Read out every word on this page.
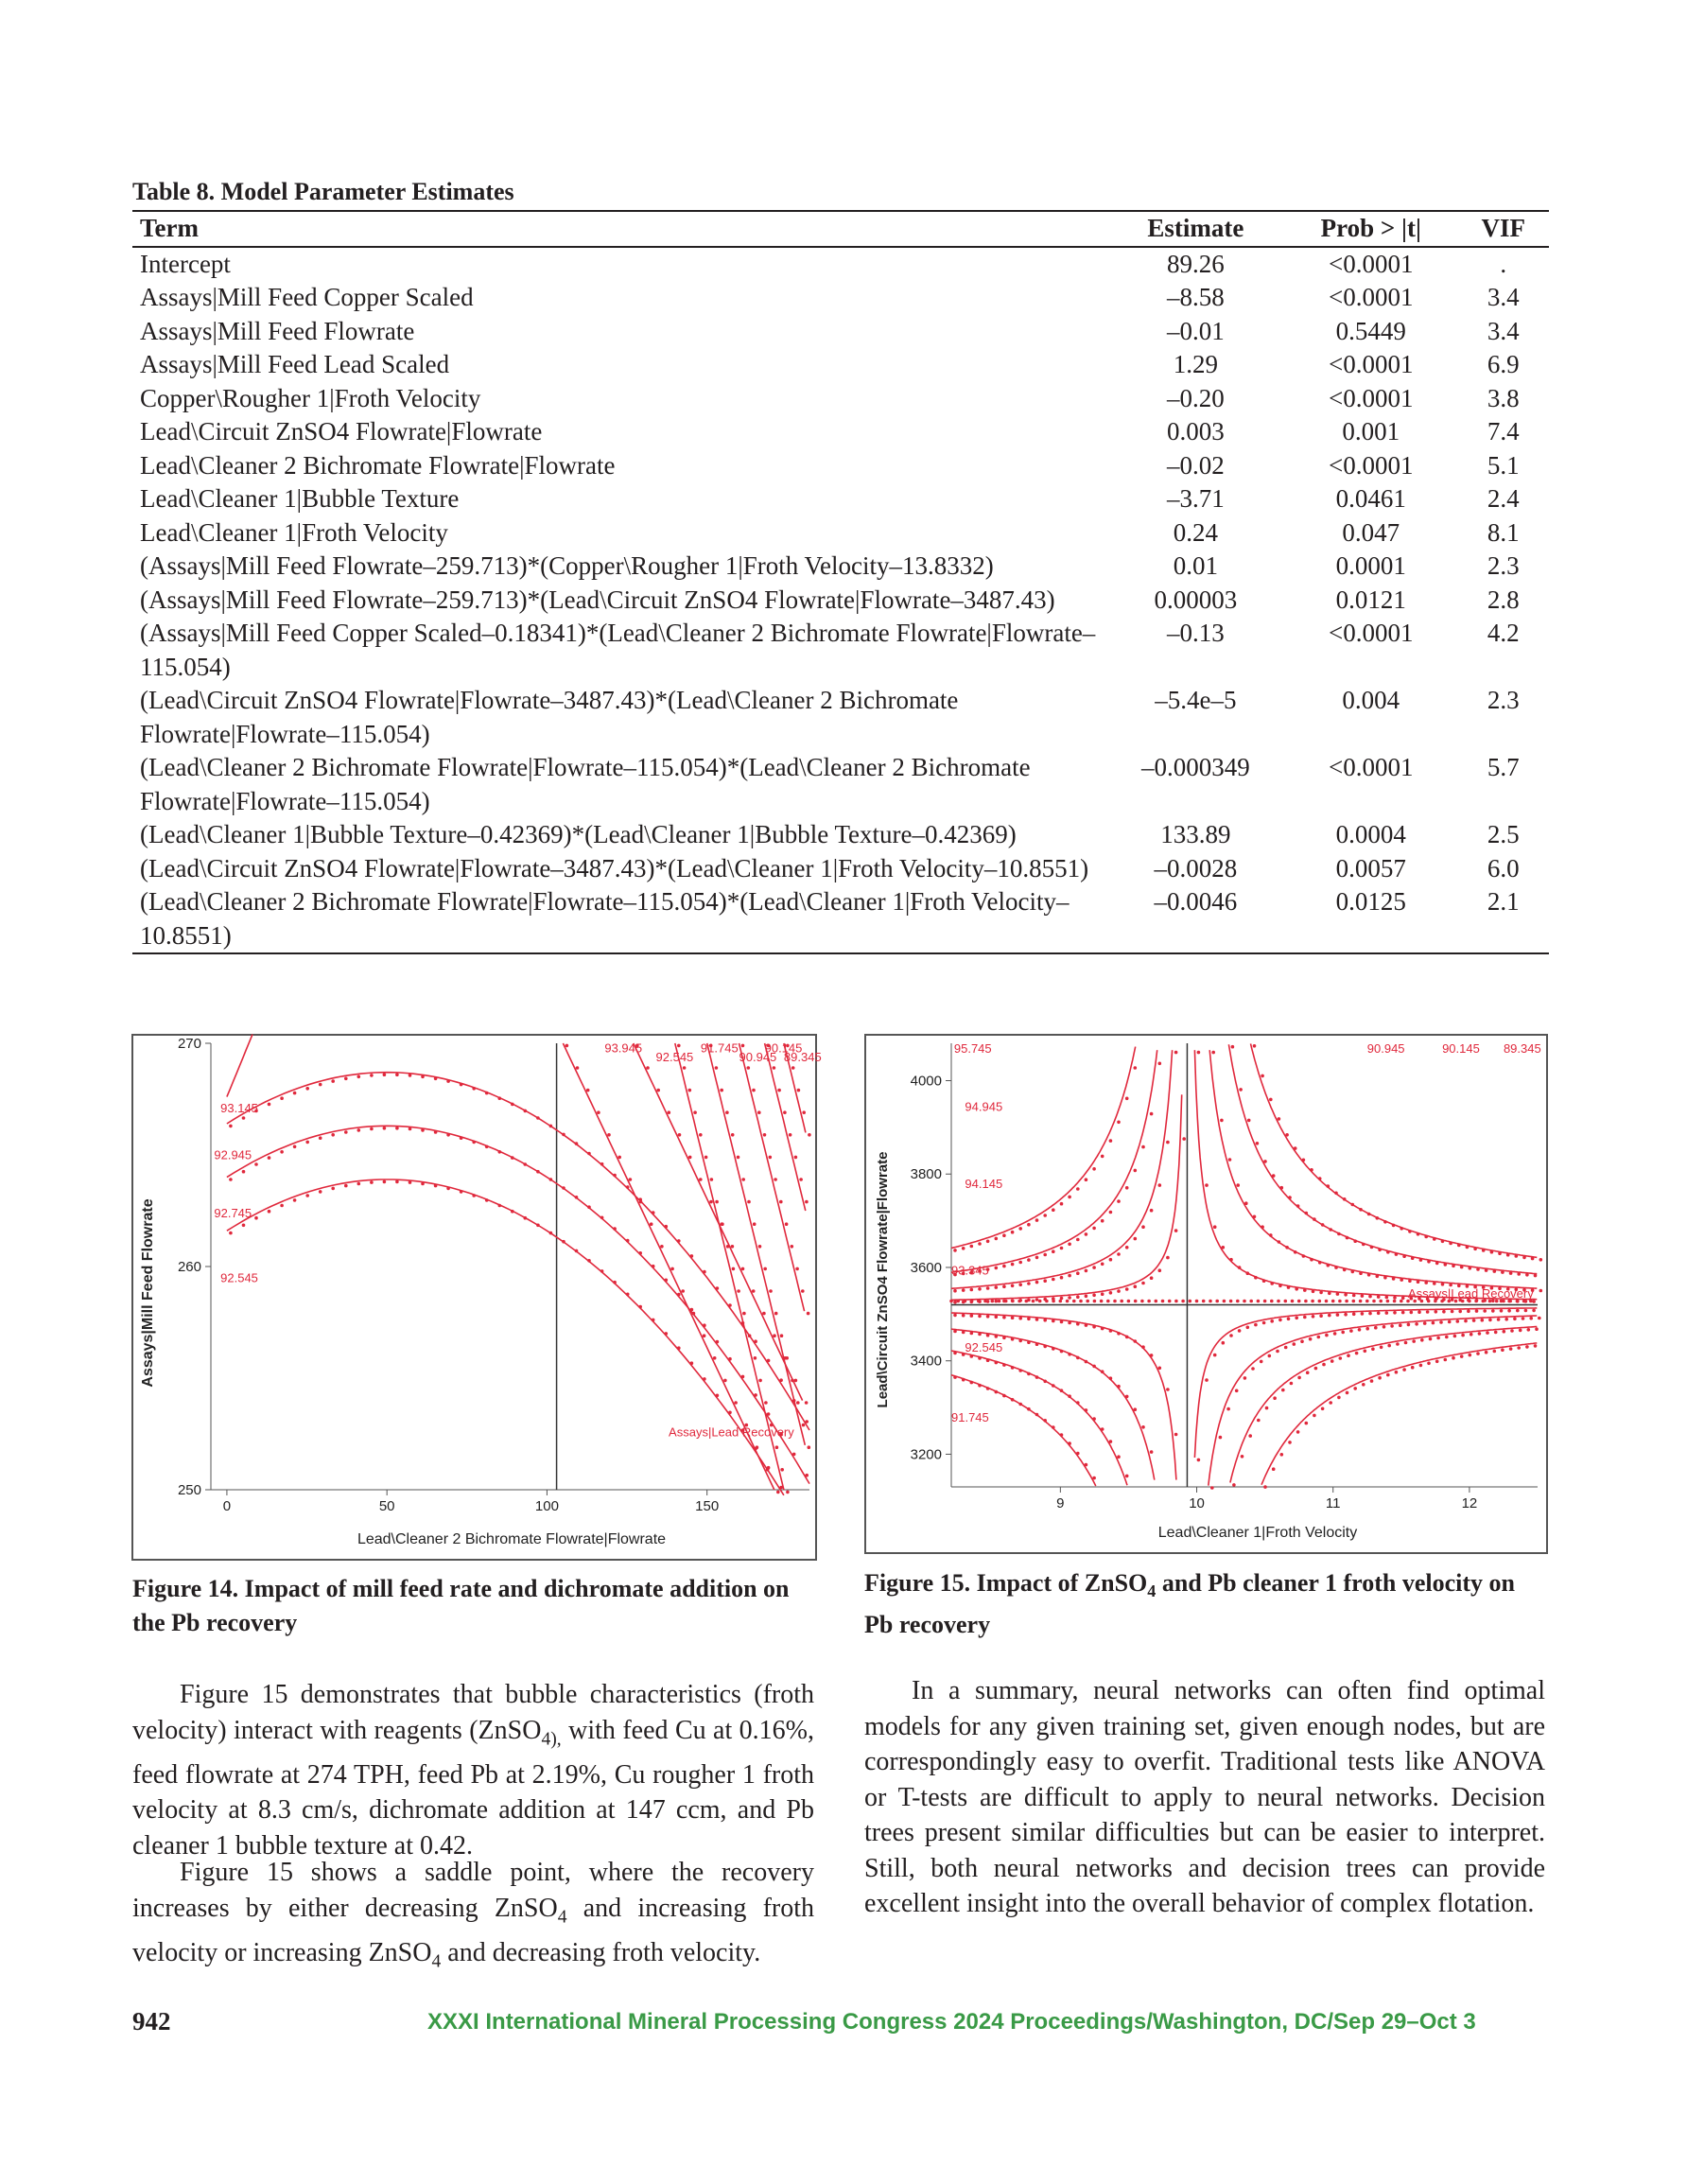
Table 8. Model Parameter Estimates
Term	Estimate	Prob > |t|	VIF
Intercept	89.26	<0.0001	.
Assays|Mill Feed Copper Scaled	–8.58	<0.0001	3.4
Assays|Mill Feed Flowrate	–0.01	0.5449	3.4
Assays|Mill Feed Lead Scaled	1.29	<0.0001	6.9
Copper\Rougher 1|Froth Velocity	–0.20	<0.0001	3.8
Lead\Circuit ZnSO4 Flowrate|Flowrate	0.003	0.001	7.4
Lead\Cleaner 2 Bichromate Flowrate|Flowrate	–0.02	<0.0001	5.1
Lead\Cleaner 1|Bubble Texture	–3.71	0.0461	2.4
Lead\Cleaner 1|Froth Velocity	0.24	0.047	8.1
(Assays|Mill Feed Flowrate–259.713)*(Copper\Rougher 1|Froth Velocity–13.8332)	0.01	0.0001	2.3
(Assays|Mill Feed Flowrate–259.713)*(Lead\Circuit ZnSO4 Flowrate|Flowrate–3487.43)	0.00003	0.0121	2.8
(Assays|Mill Feed Copper Scaled–0.18341)*(Lead\Cleaner 2 Bichromate Flowrate|Flowrate–115.054)	–0.13	<0.0001	4.2
(Lead\Circuit ZnSO4 Flowrate|Flowrate–3487.43)*(Lead\Cleaner 2 Bichromate Flowrate|Flowrate–115.054)	–5.4e–5	0.004	2.3
(Lead\Cleaner 2 Bichromate Flowrate|Flowrate–115.054)*(Lead\Cleaner 2 Bichromate Flowrate|Flowrate–115.054)	–0.000349	<0.0001	5.7
(Lead\Cleaner 1|Bubble Texture–0.42369)*(Lead\Cleaner 1|Bubble Texture–0.42369)	133.89	0.0004	2.5
(Lead\Circuit ZnSO4 Flowrate|Flowrate–3487.43)*(Lead\Cleaner 1|Froth Velocity–10.8551)	–0.0028	0.0057	6.0
(Lead\Cleaner 2 Bichromate Flowrate|Flowrate–115.054)*(Lead\Cleaner 1|Froth Velocity–10.8551)	–0.0046	0.0125	2.1
0	50	100	150
250
260
270
93.145
92.945
92.745
92.545
93.945
92.545
91.745
90.945
90.145
89.345
Assays|Lead Recovery
Lead\Cleaner 2 Bichromate Flowrate|Flowrate
Assays|Mill Feed Flowrate
Figure 14. Impact of mill feed rate and dichromate addition on the Pb recovery
9	10	11	12
3200
3400
3600
3800
4000
95.745
94.945
94.145
93.345
92.545
91.745
90.945	90.145 89.345
Assays|Lead Recovery
Lead\Cleaner 1|Froth Velocity
Lead\Circuit ZnSO4 Flowrate|Flowrate
Figure 15. Impact of ZnSO$_4$ and Pb cleaner 1 froth velocity on Pb recovery

Figure 15 demonstrates that bubble characteristics (froth velocity) interact with reagents (ZnSO$_{4),}$ with feed Cu at 0.16%, feed flowrate at 274 TPH, feed Pb at 2.19%, Cu rougher 1 froth velocity at 8.3 cm/s, dichromate addition at 147 ccm, and Pb cleaner 1 bubble texture at 0.42.

Figure 15 shows a saddle point, where the recovery increases by either decreasing ZnSO$_4$ and increasing froth velocity or increasing ZnSO$_4$ and decreasing froth velocity.

In a summary, neural networks can often find optimal models for any given training set, given enough nodes, but are correspondingly easy to overfit. Traditional tests like ANOVA or T-tests are difficult to apply to neural networks. Decision trees present similar difficulties but can be easier to interpret. Still, both neural networks and decision trees can provide excellent insight into the overall behavior of complex flotation.

942	XXXI International Mineral Processing Congress 2024 Proceedings/Washington, DC/Sep 29–Oct 3
